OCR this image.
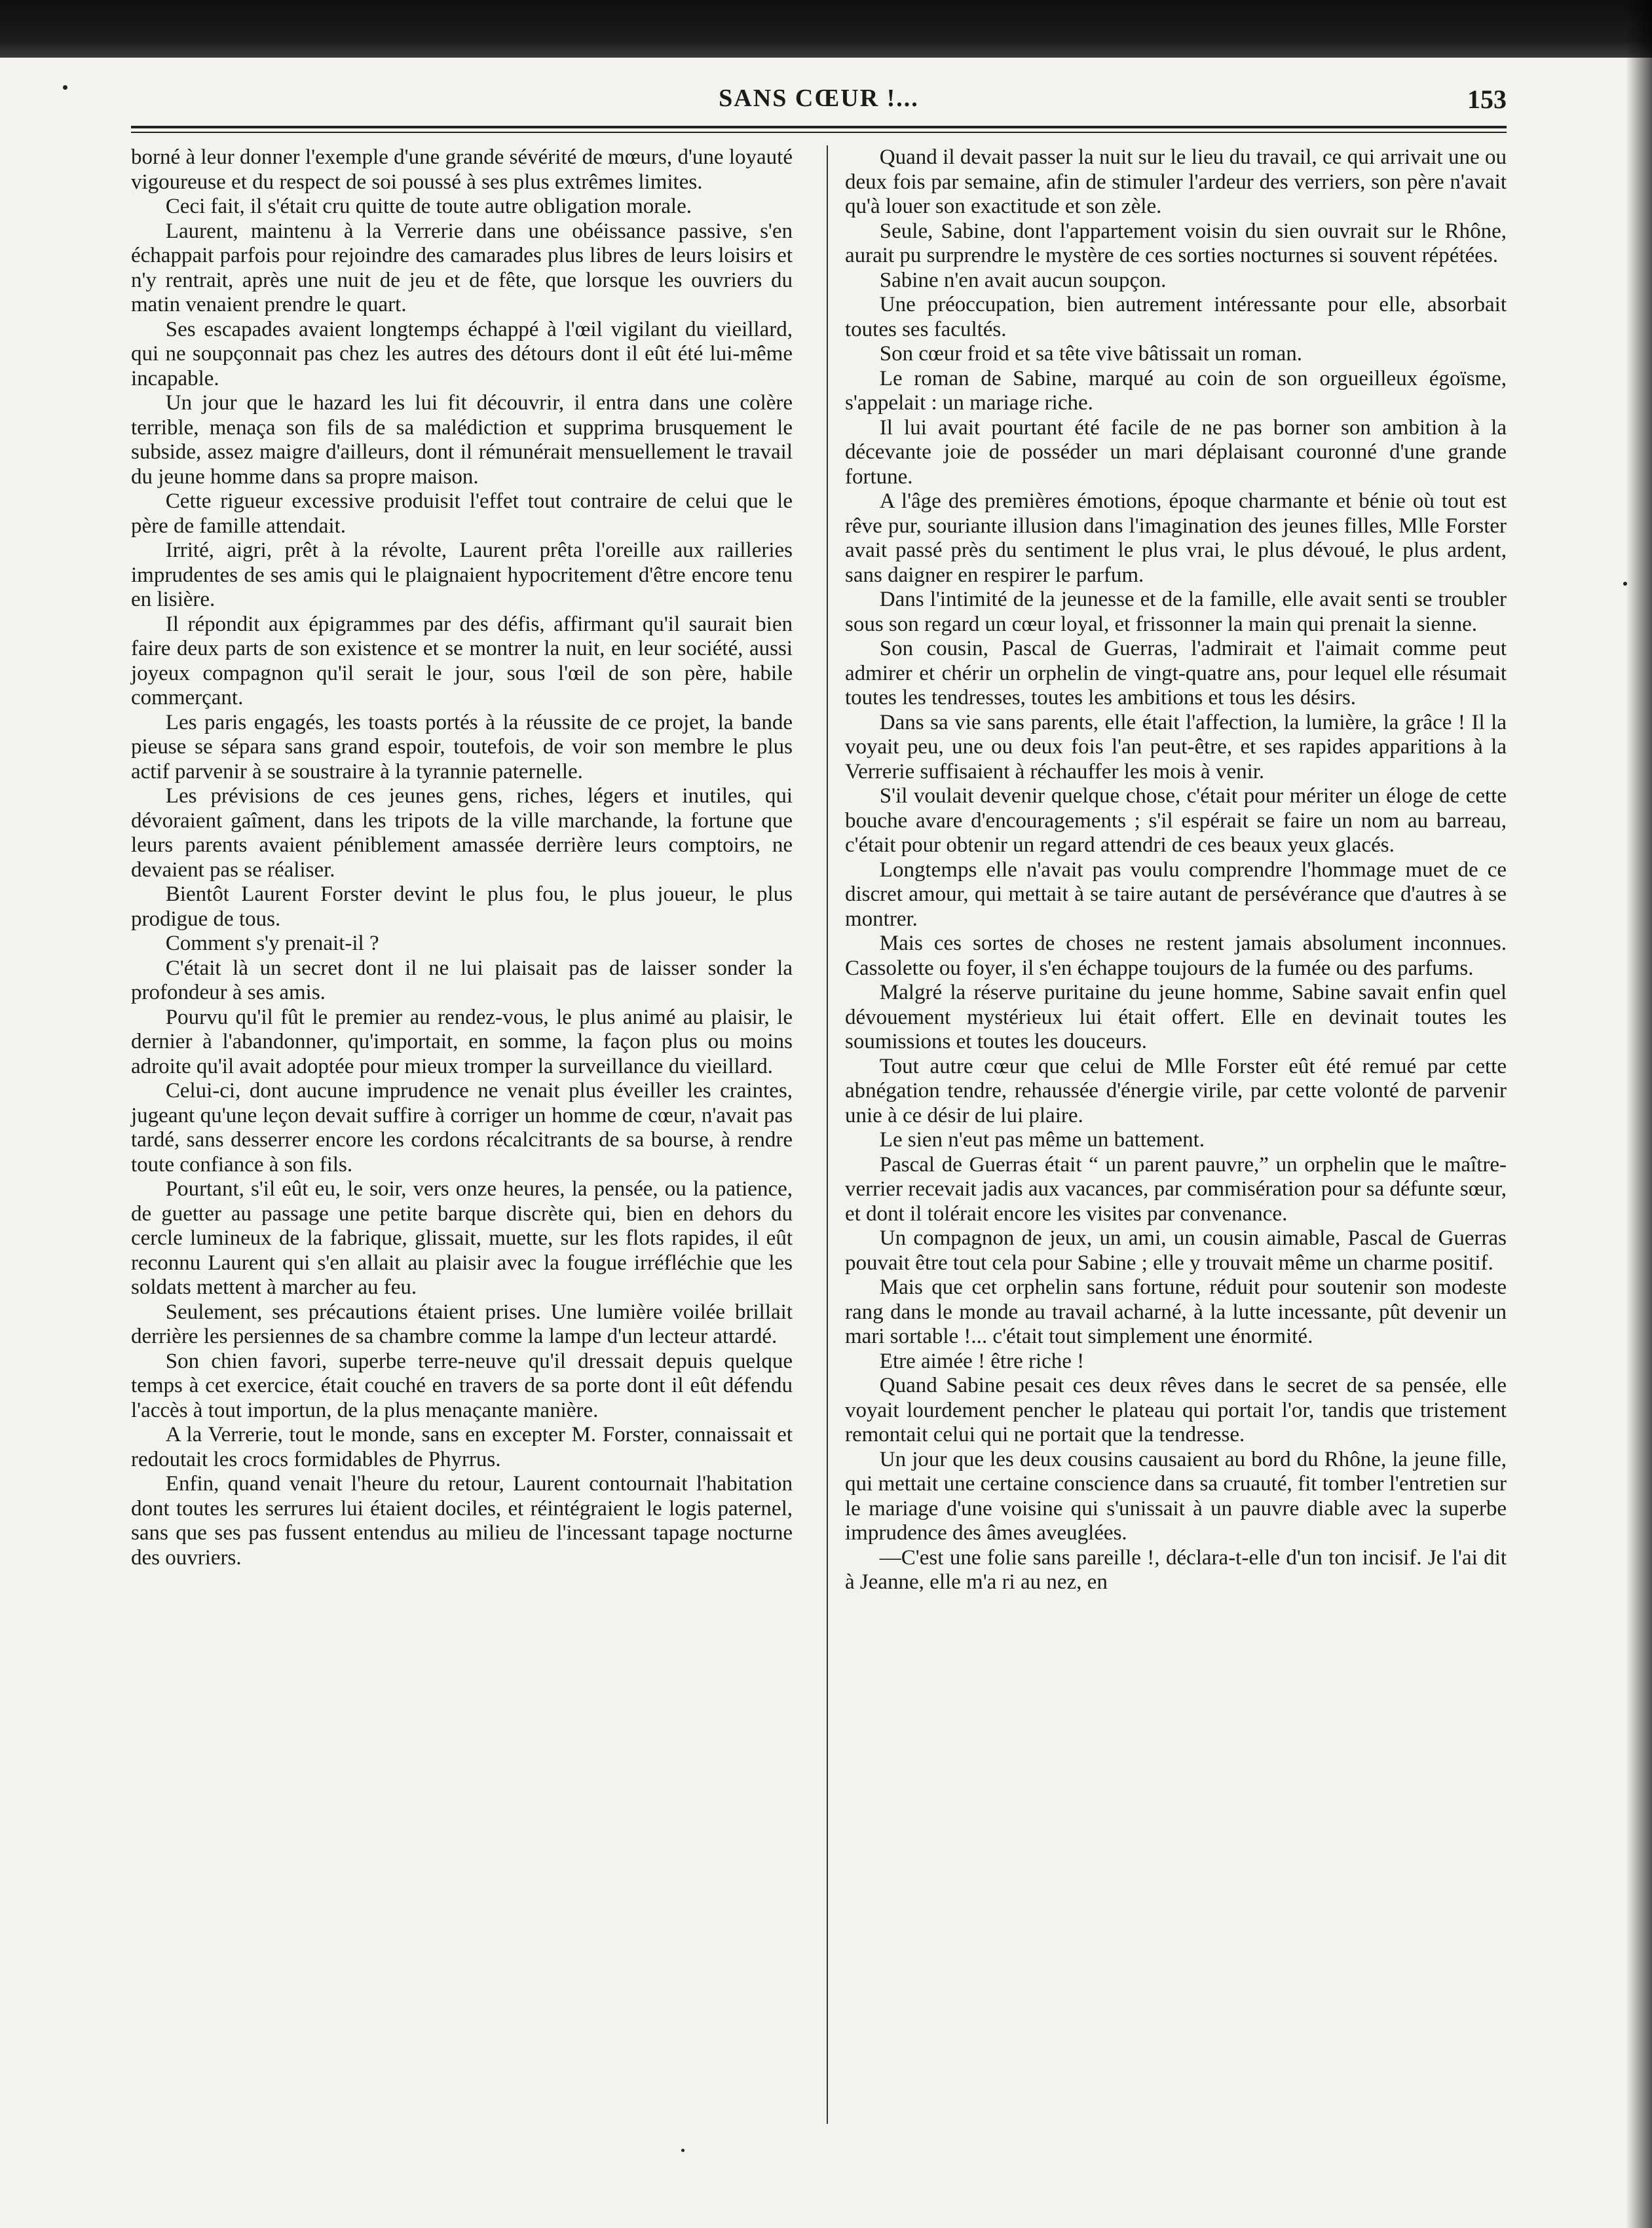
SANS CŒUR !...	153

borné à leur donner l'exemple d'une grande sévérité de mœurs, d'une loyauté vigoureuse et du respect de soi poussé à ses plus extrêmes limites.

Ceci fait, il s'était cru quitte de toute autre obligation morale.

Laurent, maintenu à la Verrerie dans une obéissance passive, s'en échappait parfois pour rejoindre des camarades plus libres de leurs loisirs et n'y rentrait, après une nuit de jeu et de fête, que lorsque les ouvriers du matin venaient prendre le quart.

Ses escapades avaient longtemps échappé à l'œil vigilant du vieillard, qui ne soupçonnait pas chez les autres des détours dont il eût été lui-même incapable.

Un jour que le hazard les lui fit découvrir, il entra dans une colère terrible, menaça son fils de sa malédiction et supprima brusquement le subside, assez maigre d'ailleurs, dont il rémunérait mensuellement le travail du jeune homme dans sa propre maison.

Cette rigueur excessive produisit l'effet tout contraire de celui que le père de famille attendait.

Irrité, aigri, prêt à la révolte, Laurent prêta l'oreille aux railleries imprudentes de ses amis qui le plaignaient hypocritement d'être encore tenu en lisière.

Il répondit aux épigrammes par des défis, affirmant qu'il saurait bien faire deux parts de son existence et se montrer la nuit, en leur société, aussi joyeux compagnon qu'il serait le jour, sous l'œil de son père, habile commerçant.

Les paris engagés, les toasts portés à la réussite de ce projet, la bande pieuse se sépara sans grand espoir, toutefois, de voir son membre le plus actif parvenir à se soustraire à la tyrannie paternelle.

Les prévisions de ces jeunes gens, riches, légers et inutiles, qui dévoraient gaîment, dans les tripots de la ville marchande, la fortune que leurs parents avaient péniblement amassée derrière leurs comptoirs, ne devaient pas se réaliser.

Bientôt Laurent Forster devint le plus fou, le plus joueur, le plus prodigue de tous.

Comment s'y prenait-il ?

C'était là un secret dont il ne lui plaisait pas de laisser sonder la profondeur à ses amis.

Pourvu qu'il fût le premier au rendez-vous, le plus animé au plaisir, le dernier à l'abandonner, qu'importait, en somme, la façon plus ou moins adroite qu'il avait adoptée pour mieux tromper la surveillance du vieillard.

Celui-ci, dont aucune imprudence ne venait plus éveiller les craintes, jugeant qu'une leçon devait suffire à corriger un homme de cœur, n'avait pas tardé, sans desserrer encore les cordons récalcitrants de sa bourse, à rendre toute confiance à son fils.

Pourtant, s'il eût eu, le soir, vers onze heures, la pensée, ou la patience, de guetter au passage une petite barque discrète qui, bien en dehors du cercle lumineux de la fabrique, glissait, muette, sur les flots rapides, il eût reconnu Laurent qui s'en allait au plaisir avec la fougue irréfléchie que les soldats mettent à marcher au feu.

Seulement, ses précautions étaient prises. Une lumière voilée brillait derrière les persiennes de sa chambre comme la lampe d'un lecteur attardé.

Son chien favori, superbe terre-neuve qu'il dressait depuis quelque temps à cet exercice, était couché en travers de sa porte dont il eût défendu l'accès à tout importun, de la plus menaçante manière.

A la Verrerie, tout le monde, sans en excepter M. Forster, connaissait et redoutait les crocs formidables de Phyrrus.

Enfin, quand venait l'heure du retour, Laurent contournait l'habitation dont toutes les serrures lui étaient dociles, et réintégraient le logis paternel, sans que ses pas fussent entendus au milieu de l'incessant tapage nocturne des ouvriers.

Quand il devait passer la nuit sur le lieu du travail, ce qui arrivait une ou deux fois par semaine, afin de stimuler l'ardeur des verriers, son père n'avait qu'à louer son exactitude et son zèle.

Seule, Sabine, dont l'appartement voisin du sien ouvrait sur le Rhône, aurait pu surprendre le mystère de ces sorties nocturnes si souvent répétées.

Sabine n'en avait aucun soupçon.

Une préoccupation, bien autrement intéressante pour elle, absorbait toutes ses facultés.

Son cœur froid et sa tête vive bâtissait un roman.

Le roman de Sabine, marqué au coin de son orgueilleux égoïsme, s'appelait : un mariage riche.

Il lui avait pourtant été facile de ne pas borner son ambition à la décevante joie de posséder un mari déplaisant couronné d'une grande fortune.

A l'âge des premières émotions, époque charmante et bénie où tout est rêve pur, souriante illusion dans l'imagination des jeunes filles, Mlle Forster avait passé près du sentiment le plus vrai, le plus dévoué, le plus ardent, sans daigner en respirer le parfum.

Dans l'intimité de la jeunesse et de la famille, elle avait senti se troubler sous son regard un cœur loyal, et frissonner la main qui prenait la sienne.

Son cousin, Pascal de Guerras, l'admirait et l'aimait comme peut admirer et chérir un orphelin de vingt-quatre ans, pour lequel elle résumait toutes les tendresses, toutes les ambitions et tous les désirs.

Dans sa vie sans parents, elle était l'affection, la lumière, la grâce ! Il la voyait peu, une ou deux fois l'an peut-être, et ses rapides apparitions à la Verrerie suffisaient à réchauffer les mois à venir.

S'il voulait devenir quelque chose, c'était pour mériter un éloge de cette bouche avare d'encouragements ; s'il espérait se faire un nom au barreau, c'était pour obtenir un regard attendri de ces beaux yeux glacés.

Longtemps elle n'avait pas voulu comprendre l'hommage muet de ce discret amour, qui mettait à se taire autant de persévérance que d'autres à se montrer.

Mais ces sortes de choses ne restent jamais absolument inconnues. Cassolette ou foyer, il s'en échappe toujours de la fumée ou des parfums.

Malgré la réserve puritaine du jeune homme, Sabine savait enfin quel dévouement mystérieux lui était offert. Elle en devinait toutes les soumissions et toutes les douceurs.

Tout autre cœur que celui de Mlle Forster eût été remué par cette abnégation tendre, rehaussée d'énergie virile, par cette volonté de parvenir unie à ce désir de lui plaire.

Le sien n'eut pas même un battement.

Pascal de Guerras était “ un parent pauvre,” un orphelin que le maître-verrier recevait jadis aux vacances, par commisération pour sa défunte sœur, et dont il tolérait encore les visites par convenance.

Un compagnon de jeux, un ami, un cousin aimable, Pascal de Guerras pouvait être tout cela pour Sabine ; elle y trouvait même un charme positif.

Mais que cet orphelin sans fortune, réduit pour soutenir son modeste rang dans le monde au travail acharné, à la lutte incessante, pût devenir un mari sortable !... c'était tout simplement une énormité.

Etre aimée ! être riche !

Quand Sabine pesait ces deux rêves dans le secret de sa pensée, elle voyait lourdement pencher le plateau qui portait l'or, tandis que tristement remontait celui qui ne portait que la tendresse.

Un jour que les deux cousins causaient au bord du Rhône, la jeune fille, qui mettait une certaine conscience dans sa cruauté, fit tomber l'entretien sur le mariage d'une voisine qui s'unissait à un pauvre diable avec la superbe imprudence des âmes aveuglées.

—C'est une folie sans pareille !, déclara-t-elle d'un ton incisif. Je l'ai dit à Jeanne, elle m'a ri au nez, en
